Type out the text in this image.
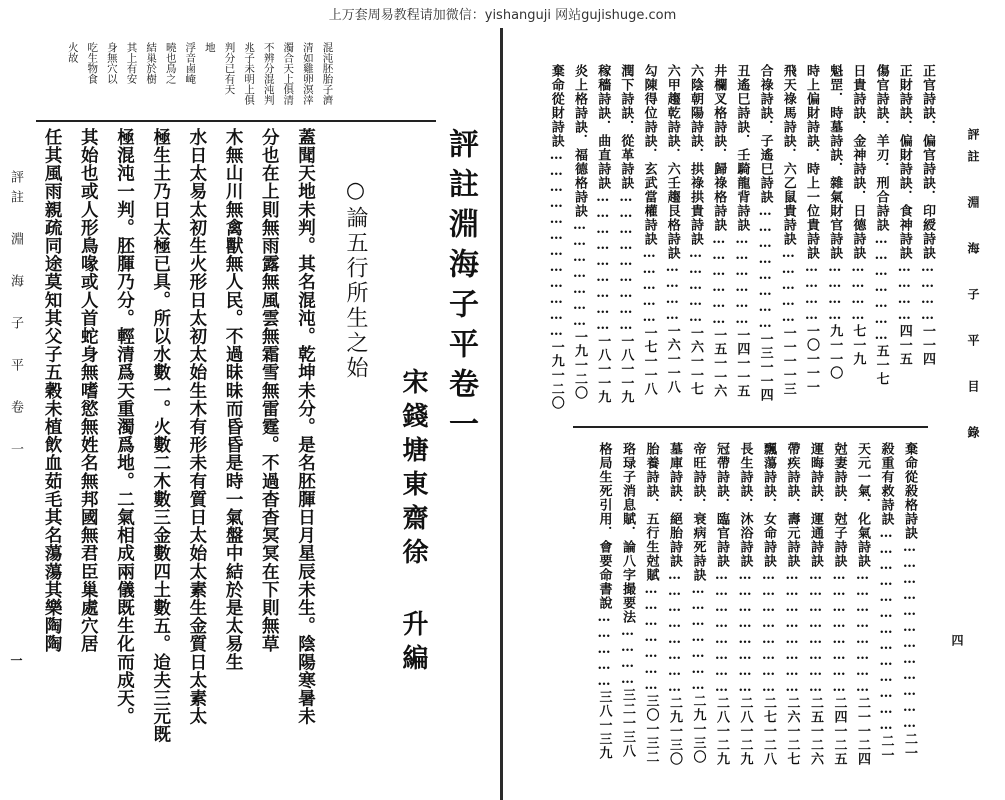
上万套周易教程请加微信：yishanguji 网站gujishuge.com
評註 淵 海 子 平 目 錄
四
正官詩訣．偏官詩訣．印綬詩訣…………一一四
正財詩訣．偏財詩訣．食神詩訣…………四一五
傷官詩訣．羊刃．刑合詩訣…………………五一七
日貴詩訣．金神詩訣．日德詩訣…………七一九
魁罡．時墓詩訣．雜氣財官詩訣…………九一一〇
時上偏財詩訣．時上一位貴詩訣…………一〇一一一
飛天祿馬詩訣．六乙鼠貴詩訣……………一一一一三
合祿詩訣．子遙巳詩訣……………………一三一一四
丑遙巳詩訣．壬騎龍背詩訣………………一四一一五
井欄叉格詩訣．歸祿格詩訣………………一五一一六
六陰朝陽詩訣．拱祿拱貴詩訣……………一六一一七
六甲趨乾詩訣．六壬趨艮格詩訣…………一六一一八
勾陳得位詩訣．玄武當權詩訣……………一七一一八
潤下詩訣．從革詩訣………………………一八一一九
稼穡詩訣．曲直詩訣………………………一八一一九
炎上格詩訣．福德格詩訣…………………一九一二〇
棄命從財詩訣………………………………一九一二〇
棄命從殺格詩訣………………………………二一
殺重有救詩訣…………………………………二一
天元一氣．化氣詩訣……………………二一一二四
尅妻詩訣．尅子詩訣……………………二四一二五
運晦詩訣．運通詩訣……………………二五一二六
帶疾詩訣．壽元詩訣……………………二六一二七
飄蕩詩訣．女命詩訣……………………二七一二八
長生詩訣．沐浴詩訣……………………二八一二九
冠帶詩訣．臨官詩訣……………………二八一二九
帝旺詩訣．衰病死詩訣…………………二九一三〇
墓庫詩訣．絕胎詩訣……………………二九一三〇
胎養詩訣．五行生尅賦…………………三〇一三二
珞琭子消息賦．論八字撮要法…………三二一三八
格局生死引用．會要命書說……………三八一三九
混沌胚胎子濟
清如雞卵溟涬
濁合天上俱清
不辨分混沌判
兆子未明上俱
判分已有天
地
浮音鹵崦
曉也鳥之
結巢於樹
其上有安
身無穴以
吃生物食
火故
評註淵海子平卷一
宋錢塘東齋徐 升編
○論五行所生之始
蓋聞天地未判。其名混沌。乾坤未分。是名胚腪日月星辰未生。陰陽寒暑未
分也在上則無雨露無風雲無霜雪無雷霆。不過杳杳冥冥在下則無草
木無山川無禽獸無人民。不過昧昧而昏昏是時一氣盤中結於是太易生
水日太易太初生火形日太初太始生木有形未有質日太始太素生金質日太素太
極生土乃日太極已具。所以水數一。火數二木數三金數四土數五。迨夫三元既
極混沌一判。胚腪乃分。輕清爲天重濁爲地。二氣相成兩儀既生化而成天。
其始也或人形鳥喙或人首蛇身無嗜慾無姓名無邦國無君臣巢處穴居
任其風雨親疏同途莫知其父子五穀未植飲血茹毛其名蕩蕩其樂陶陶
評註 淵 海 子 平 卷 一
一
